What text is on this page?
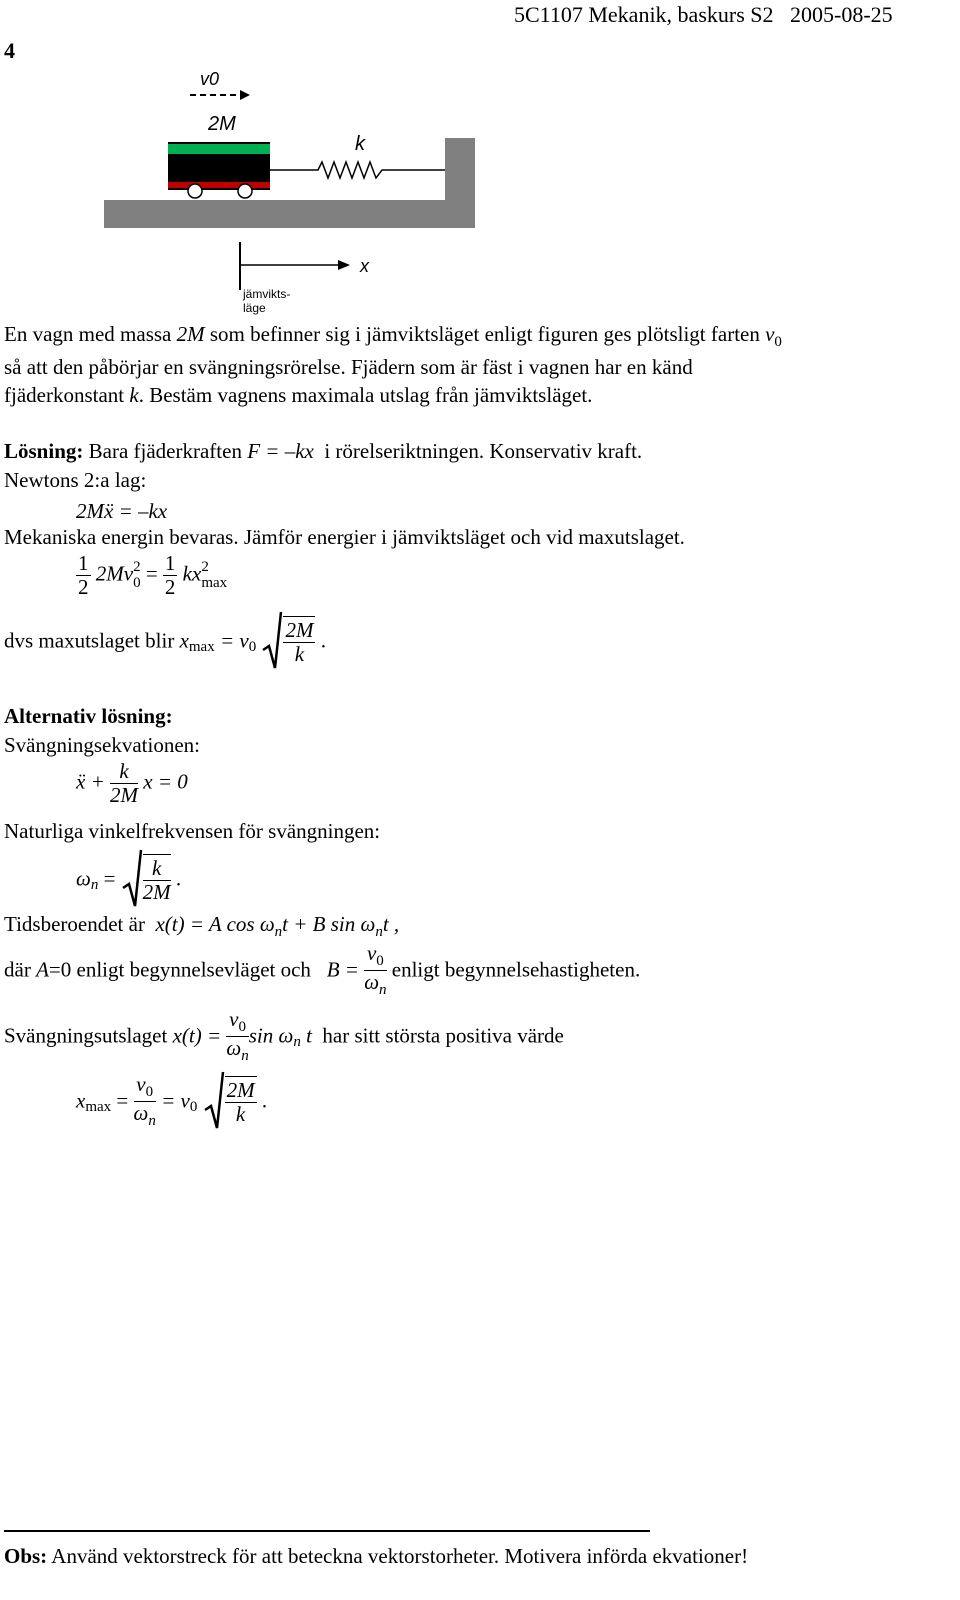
4
5C1107 Mekanik, baskurs S2 2005-08-25
v0
2M
k
x
jämvikts-
läge
En vagn med massa 2M som befinner sig i jämviktsläget enligt figuren ges plötsligt farten $v_0$
så att den påbörjar en svängningsrörelse. Fjädern som är fäst i vagnen har en känd
fjäderkonstant k. Bestäm vagnens maximala utslag från jämviktsläget.
Lösning: Bara fjäderkraften F = –kx i rörelseriktningen. Konservativ kraft.
Newtons 2:a lag:
2Mẍ = –kx
Mekaniska energin bevaras. Jämför energier i jämviktsläget och vid maxutslaget.
$\frac{1}{2} 2Mv$ 2
$0 = \frac{1}{2}$ kx 2
max
dvs maxutslaget blir $x_{max} = v_0 \frac{2M}{k}$ .
Alternativ lösning:
Svängningsekvationen:
ẍ + $\frac{k}{2M}$ x = 0
Naturliga vinkelfrekvensen för svängningen:
$\omega_n = \frac{k}{2M}$ .
Tidsberoendet är x(t) = A $\cos \omega_nt + B$ $\sin \omega_nt$ ,
där A=0 enligt begynnelsevläget och $B = \frac{v_0}{\omega_n}$ enligt begynnelsehastigheten.
Svängningsutslaget $x(t) = \frac{v_0}{\omega_n}$ $\sin \omega_n$ t har sitt största positiva värde
$x_{max} = \frac{v_0}{\omega_n} = v_0 \frac{2M}{k}$ .
Obs: Använd vektorstreck för att beteckna vektorstorheter. Motivera införda ekvationer!
